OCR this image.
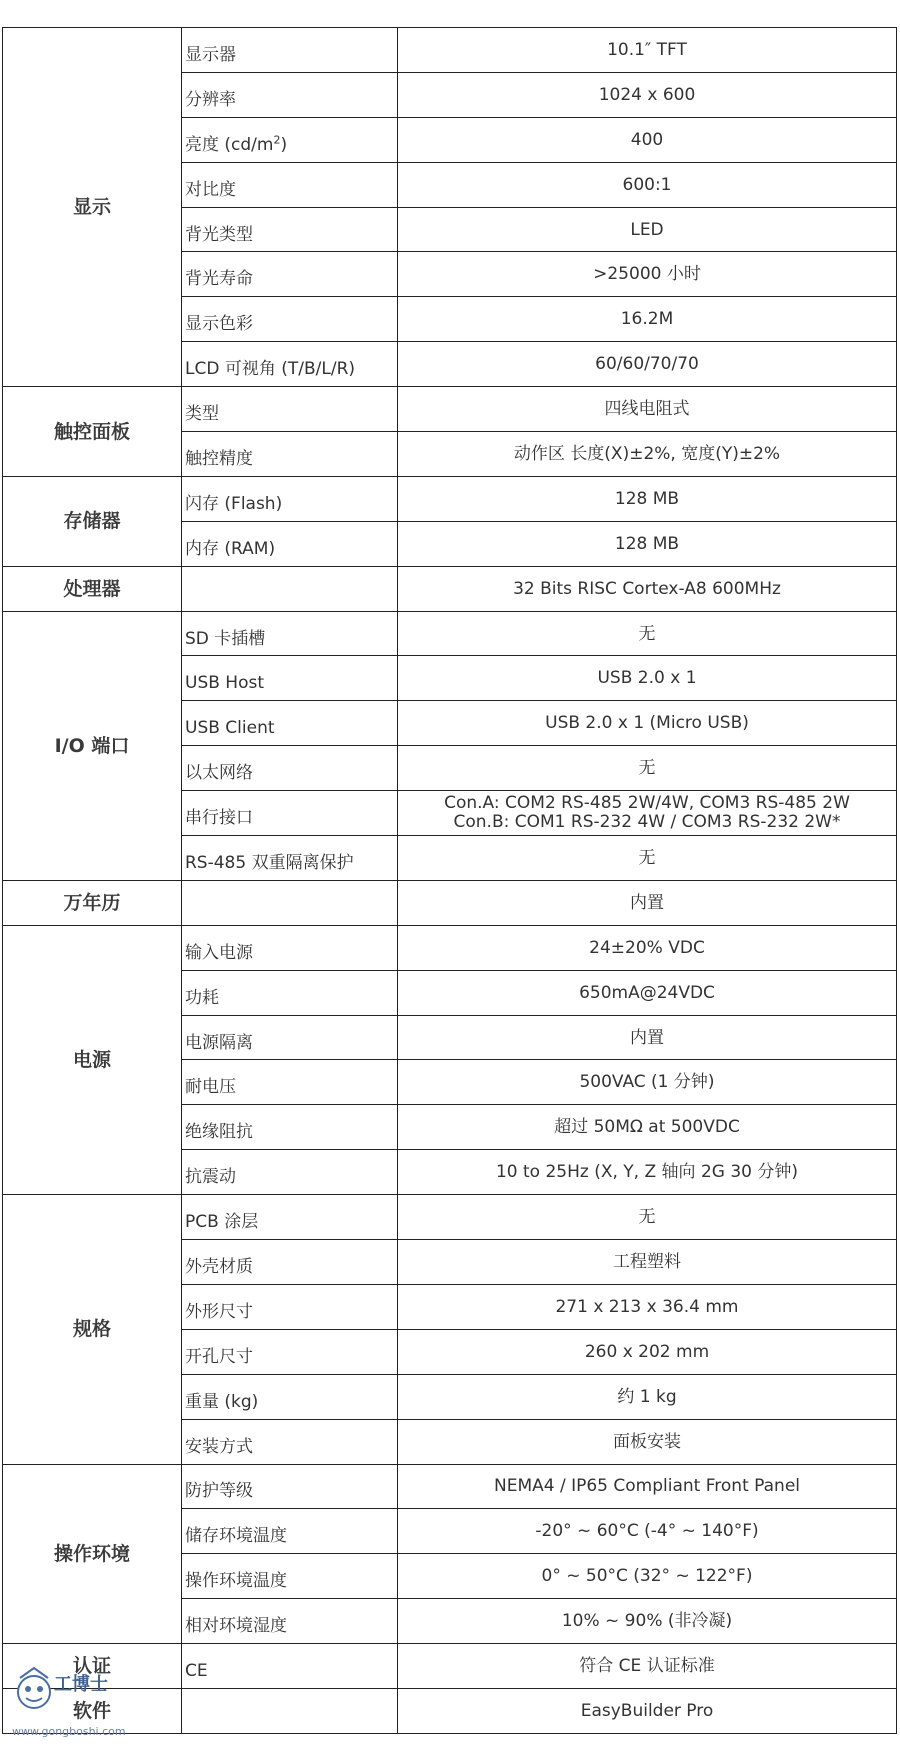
显示	显示器	10.1″ TFT

	分辨率	1024 x 600

	亮度 $(cd/m^2)$	400

	对比度	600:1

	背光类型	LED

	背光寿命	>25000 小时

	显示色彩	16.2M

	LCD 可视角 (T/B/L/R)	60/60/70/70

触控面板	类型	四线电阻式

	触控精度	动作区 长度(X)±2%, 宽度(Y)±2%

存储器	闪存 (Flash)	128 MB

	内存 (RAM)	128 MB

处理器		32 Bits RISC Cortex-A8 600MHz

I/O 端口	SD 卡插槽	无

	USB Host	USB 2.0 x 1

	USB Client	USB 2.0 x 1 (Micro USB)

	以太网络	无

	串行接口	Con.A: COM2 RS-485 2W/4W, COM3 RS-485 2W
Con.B: COM1 RS-232 4W / COM3 RS-232 2W*

	RS-485 双重隔离保护	无

万年历		内置

电源	输入电源	24±20% VDC

	功耗	650mA@24VDC

	电源隔离	内置

	耐电压	500VAC (1 分钟)

	绝缘阻抗	超过 50MΩ at 500VDC

	抗震动	10 to 25Hz (X, Y, Z 轴向 2G 30 分钟)

规格	PCB 涂层	无

	外壳材质	工程塑料

	外形尺寸	271 x 213 x 36.4 mm

	开孔尺寸	260 x 202 mm

	重量 (kg)	约 1 kg

	安装方式	面板安装

操作环境	防护等级	NEMA4 / IP65 Compliant Front Panel

	储存环境温度	-20° ~ 60°C (-4° ~ 140°F)

	操作环境温度	0° ~ 50°C (32° ~ 122°F)

	相对环境湿度	10% ~ 90% (非冷凝)

认证	CE	符合 CE 认证标准

软件		EasyBuilder Pro
工博士
www.gongboshi.com
